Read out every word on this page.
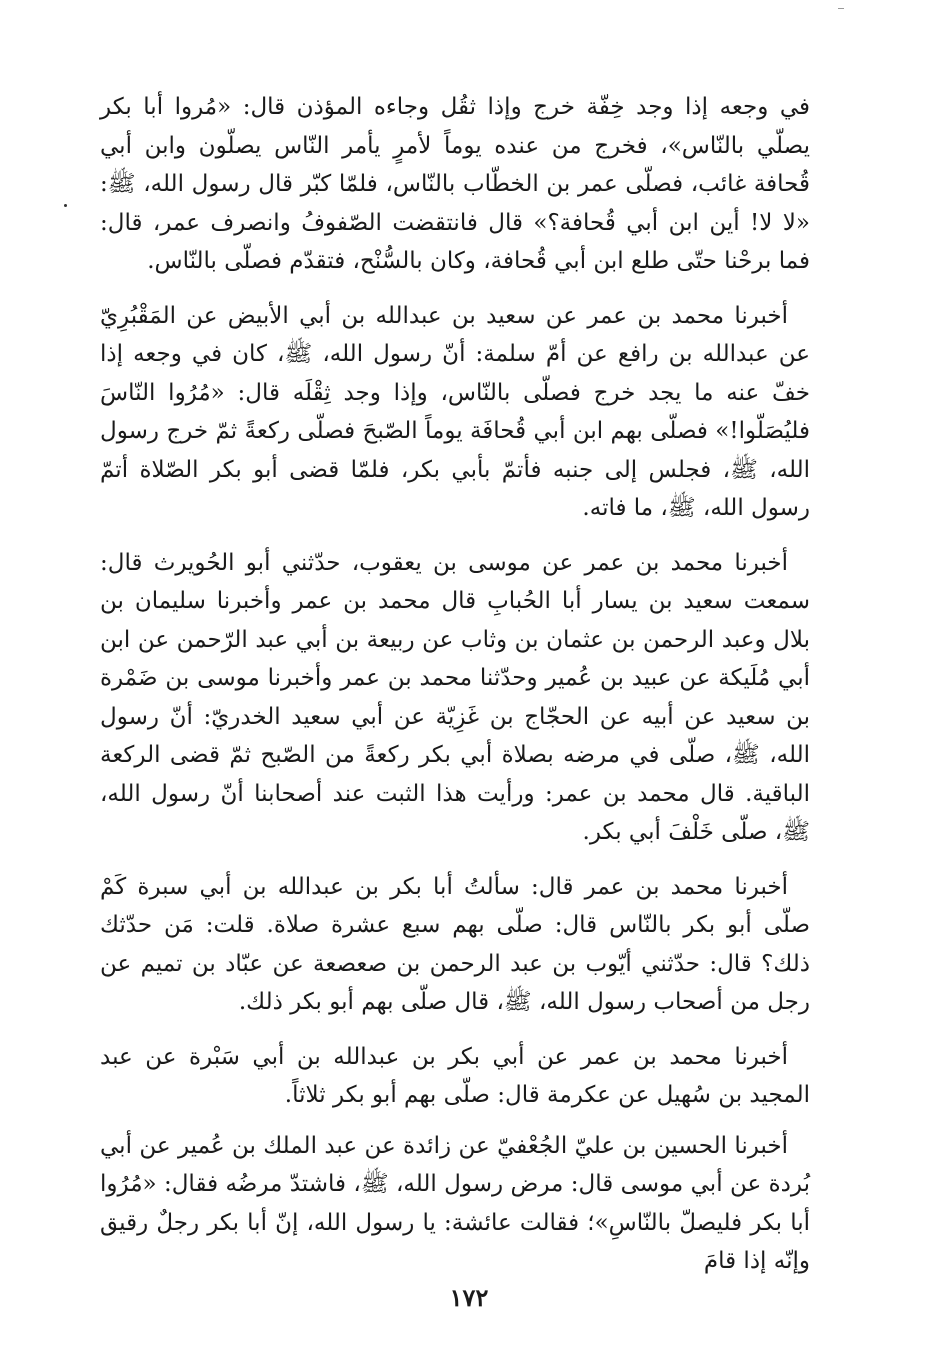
في وجعه إذا وجد خِفّة خرج وإذا ثقُل وجاءه المؤذن قال: «مُروا أبا بكر يصلّي بالنّاس»، فخرج من عنده يوماً لأمرٍ يأمر النّاس يصلّون وابن أبي قُحافة غائب، فصلّى عمر بن الخطّاب بالنّاس، فلمّا كبّر قال رسول الله، ﷺ: «لا لا! أين ابن أبي قُحافة؟» قال فانتقضت الصّفوفُ وانصرف عمر، قال: فما برحْنا حتّى طلع ابن أبي قُحافة، وكان بالسُّنْح، فتقدّم فصلّى بالنّاس.

أخبرنا محمد بن عمر عن سعيد بن عبدالله بن أبي الأبيض عن المَقْبُرِيّ عن عبدالله بن رافع عن أمّ سلمة: أنّ رسول الله، ﷺ، كان في وجعه إذا خفّ عنه ما يجد خرج فصلّى بالنّاس، وإذا وجد ثِقْلَه قال: «مُرُوا النّاسَ فليُصَلّوا!» فصلّى بهم ابن أبي قُحافَة يوماً الصّبحَ فصلّى ركعةً ثمّ خرج رسول الله، ﷺ، فجلس إلى جنبه فأتمّ بأبي بكر، فلمّا قضى أبو بكر الصّلاة أتمّ رسول الله، ﷺ، ما فاته.

أخبرنا محمد بن عمر عن موسى بن يعقوب، حدّثني أبو الحُويرث قال: سمعت سعيد بن يسار أبا الحُبابِ قال محمد بن عمر وأخبرنا سليمان بن بلال وعبد الرحمن بن عثمان بن وثاب عن ربيعة بن أبي عبد الرّحمن عن ابن أبي مُلَيكة عن عبيد بن عُمير وحدّثنا محمد بن عمر وأخبرنا موسى بن ضَمْرة بن سعيد عن أبيه عن الحجّاج بن غَزِيّة عن أبي سعيد الخدريّ: أنّ رسول الله، ﷺ، صلّى في مرضه بصلاة أبي بكر ركعةً من الصّبح ثمّ قضى الركعة الباقية. قال محمد بن عمر: ورأيت هذا الثبت عند أصحابنا أنّ رسول الله، ﷺ، صلّى خَلْفَ أبي بكر.

أخبرنا محمد بن عمر قال: سألتُ أبا بكر بن عبدالله بن أبي سبرة كَمْ صلّى أبو بكر بالنّاس قال: صلّى بهم سبع عشرة صلاة. قلت: مَن حدّثك ذلك؟ قال: حدّثني أيّوب بن عبد الرحمن بن صعصعة عن عبّاد بن تميم عن رجل من أصحاب رسول الله، ﷺ، قال صلّى بهم أبو بكر ذلك.

أخبرنا محمد بن عمر عن أبي بكر بن عبدالله بن أبي سَبْرة عن عبد المجيد بن سُهيل عن عكرمة قال: صلّى بهم أبو بكر ثلاثاً.

أخبرنا الحسين بن عليّ الجُعْفيّ عن زائدة عن عبد الملك بن عُمير عن أبي بُردة عن أبي موسى قال: مرض رسول الله، ﷺ، فاشتدّ مرضُه فقال: «مُرُوا أبا بكر فليصلّ بالنّاسِ»؛ فقالت عائشة: يا رسول الله، إنّ أبا بكر رجلٌ رقيق وإنّه إذا قامَ

١٧٢
